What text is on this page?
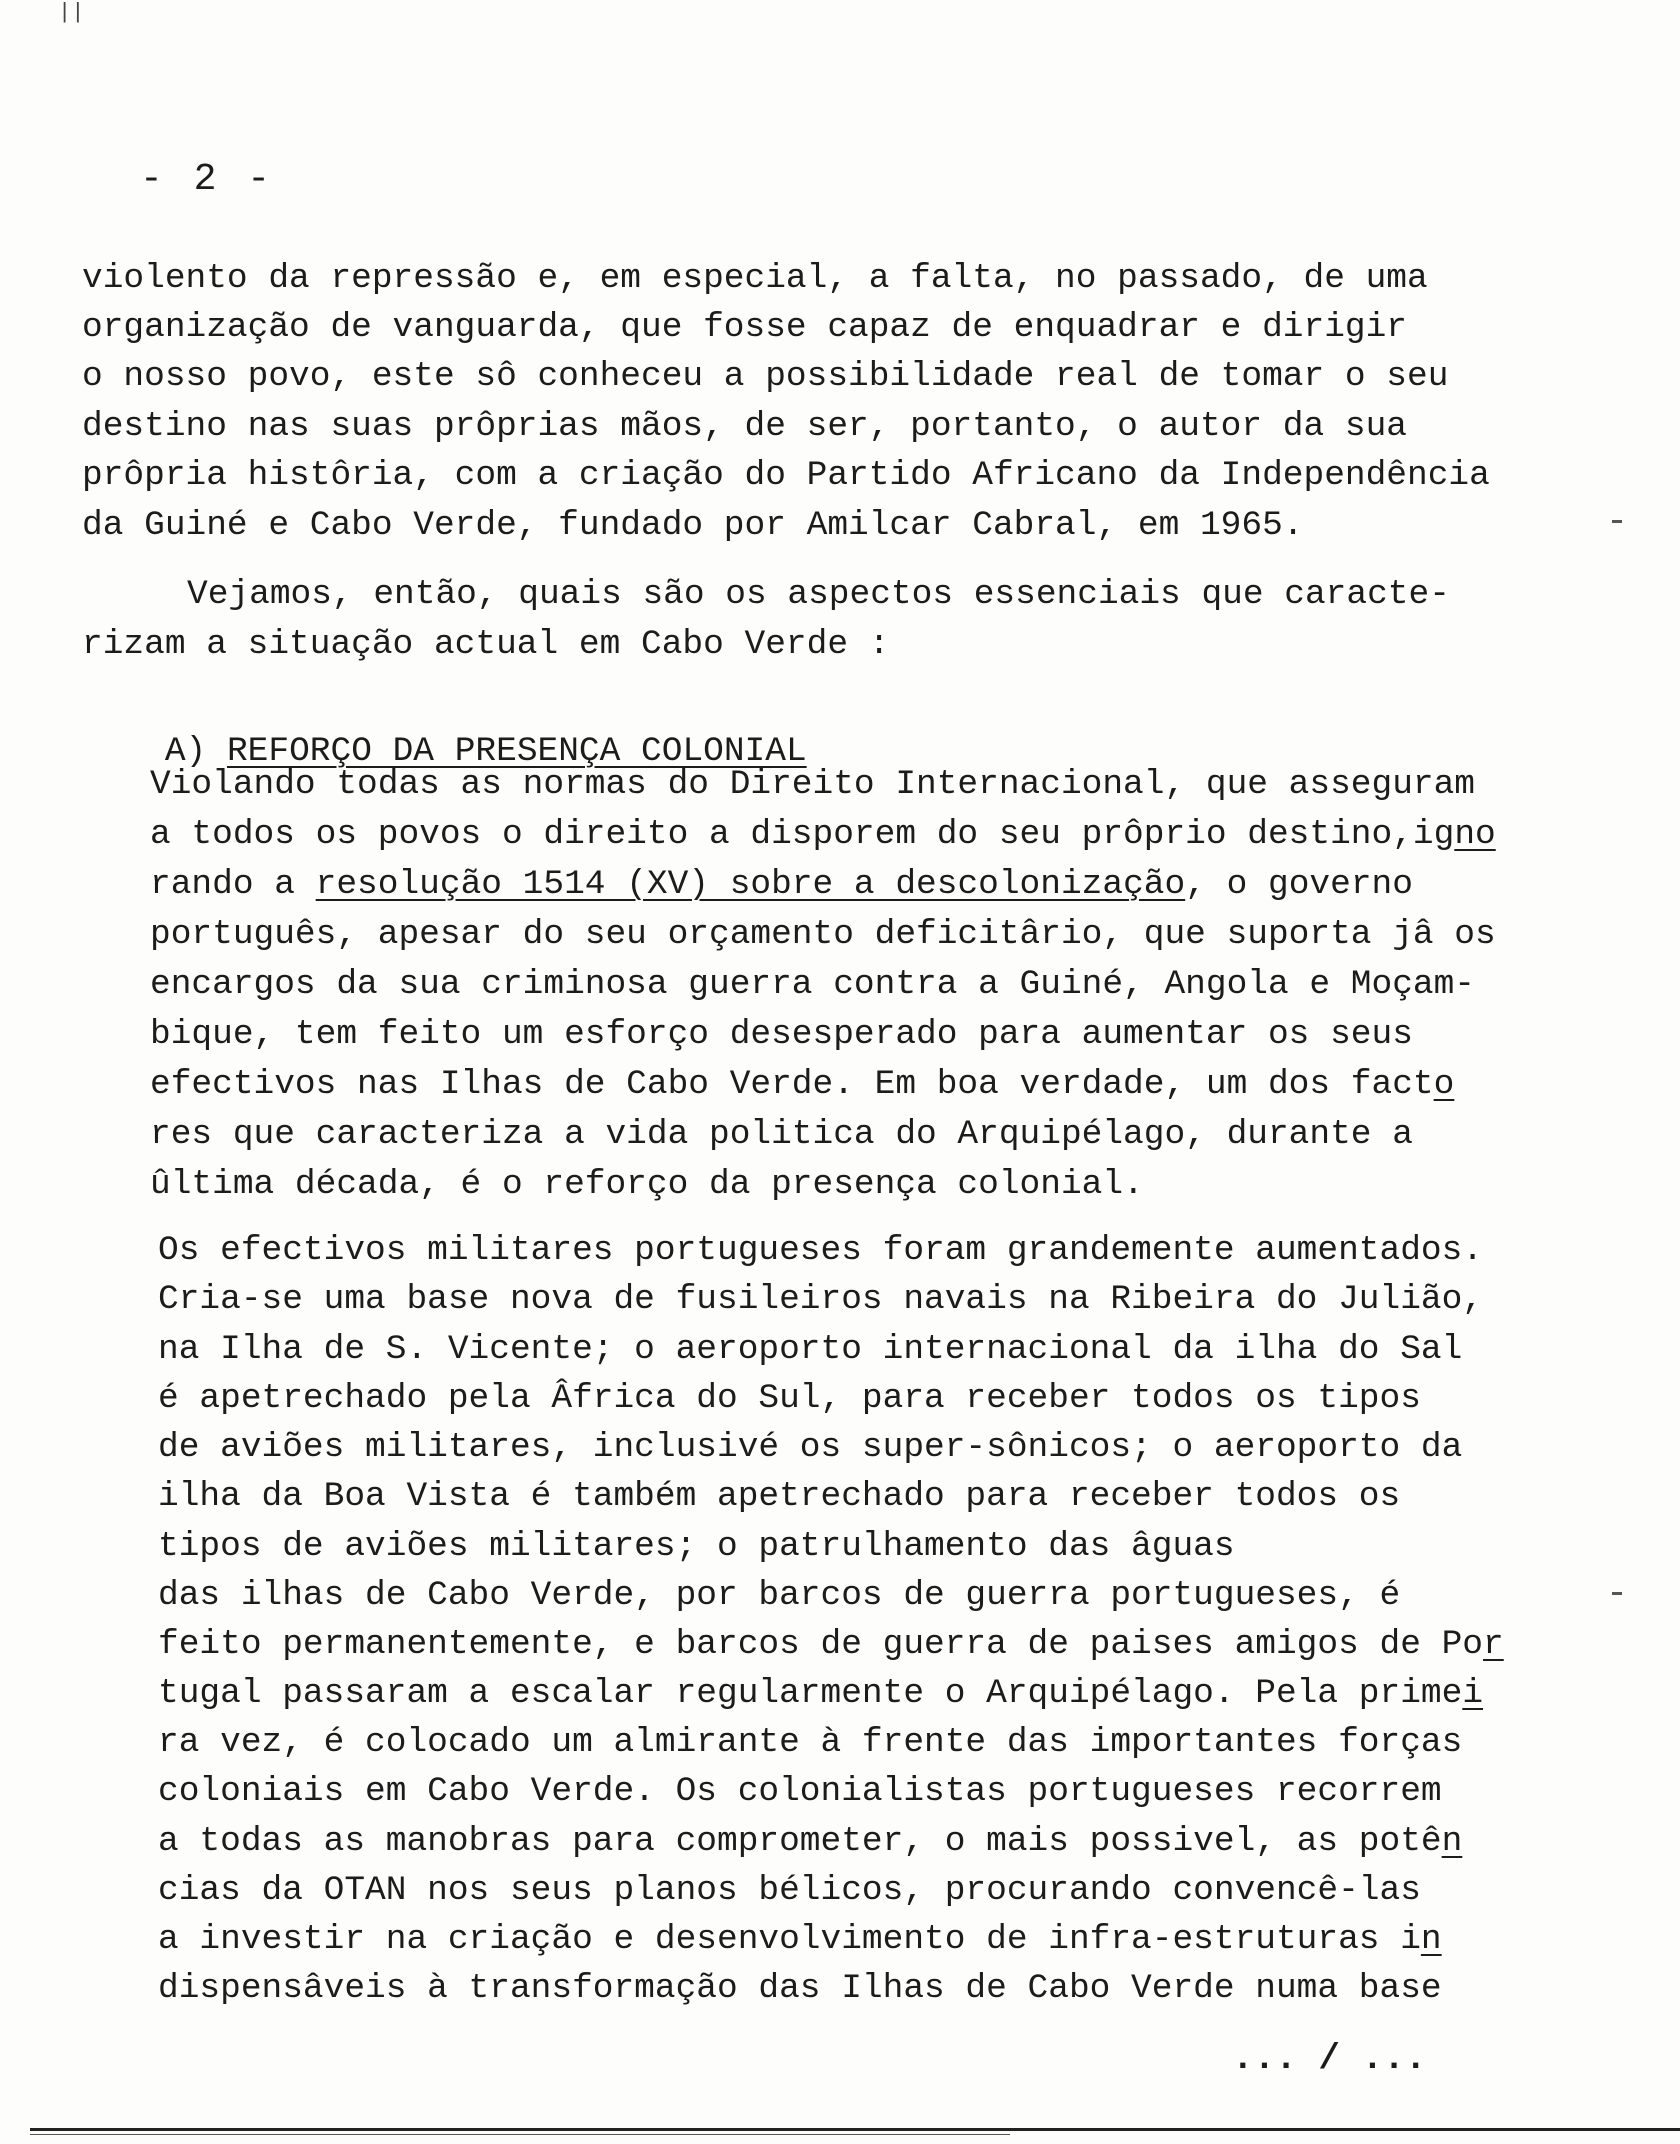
||
- 2 -
violento da repressão e, em especial, a falta, no passado, de uma
organização de vanguarda, que fosse capaz de enquadrar e dirigir
o nosso povo, este sô conheceu a possibilidade real de tomar o seu
destino nas suas prôprias mãos, de ser, portanto, o autor da sua
prôpria histôria, com a criação do Partido Africano da Independência
da Guiné e Cabo Verde, fundado por Amilcar Cabral, em 1965.
Vejamos, então, quais são os aspectos essenciais que caracte-
rizam a situação actual em Cabo Verde :

A) REFORÇO DA PRESENÇA COLONIAL

Violando todas as normas do Direito Internacional, que asseguram
a todos os povos o direito a disporem do seu prôprio destino,igno
rando a resolução 1514 (XV) sobre a descolonização, o governo
português, apesar do seu orçamento deficitârio, que suporta jâ os
encargos da sua criminosa guerra contra a Guiné, Angola e Moçam-
bique, tem feito um esforço desesperado para aumentar os seus
efectivos nas Ilhas de Cabo Verde. Em boa verdade, um dos facto
res que caracteriza a vida politica do Arquipélago, durante a
ûltima década, é o reforço da presença colonial.
Os efectivos militares portugueses foram grandemente aumentados.
Cria-se uma base nova de fusileiros navais na Ribeira do Julião,
na Ilha de S. Vicente; o aeroporto internacional da ilha do Sal
é apetrechado pela Âfrica do Sul, para receber todos os tipos
de aviões militares, inclusivé os super-sônicos; o aeroporto da
ilha da Boa Vista é também apetrechado para receber todos os
tipos de aviões militares; o patrulhamento das âguas
das ilhas de Cabo Verde, por barcos de guerra portugueses, é
feito permanentemente, e barcos de guerra de paises amigos de Por
tugal passaram a escalar regularmente o Arquipélago. Pela primei
ra vez, é colocado um almirante à frente das importantes forças
coloniais em Cabo Verde. Os colonialistas portugueses recorrem
a todas as manobras para comprometer, o mais possivel, as potên
cias da OTAN nos seus planos bélicos, procurando convencê-las
a investir na criação e desenvolvimento de infra-estruturas in
dispensâveis à transformação das Ilhas de Cabo Verde numa base
... / ...
